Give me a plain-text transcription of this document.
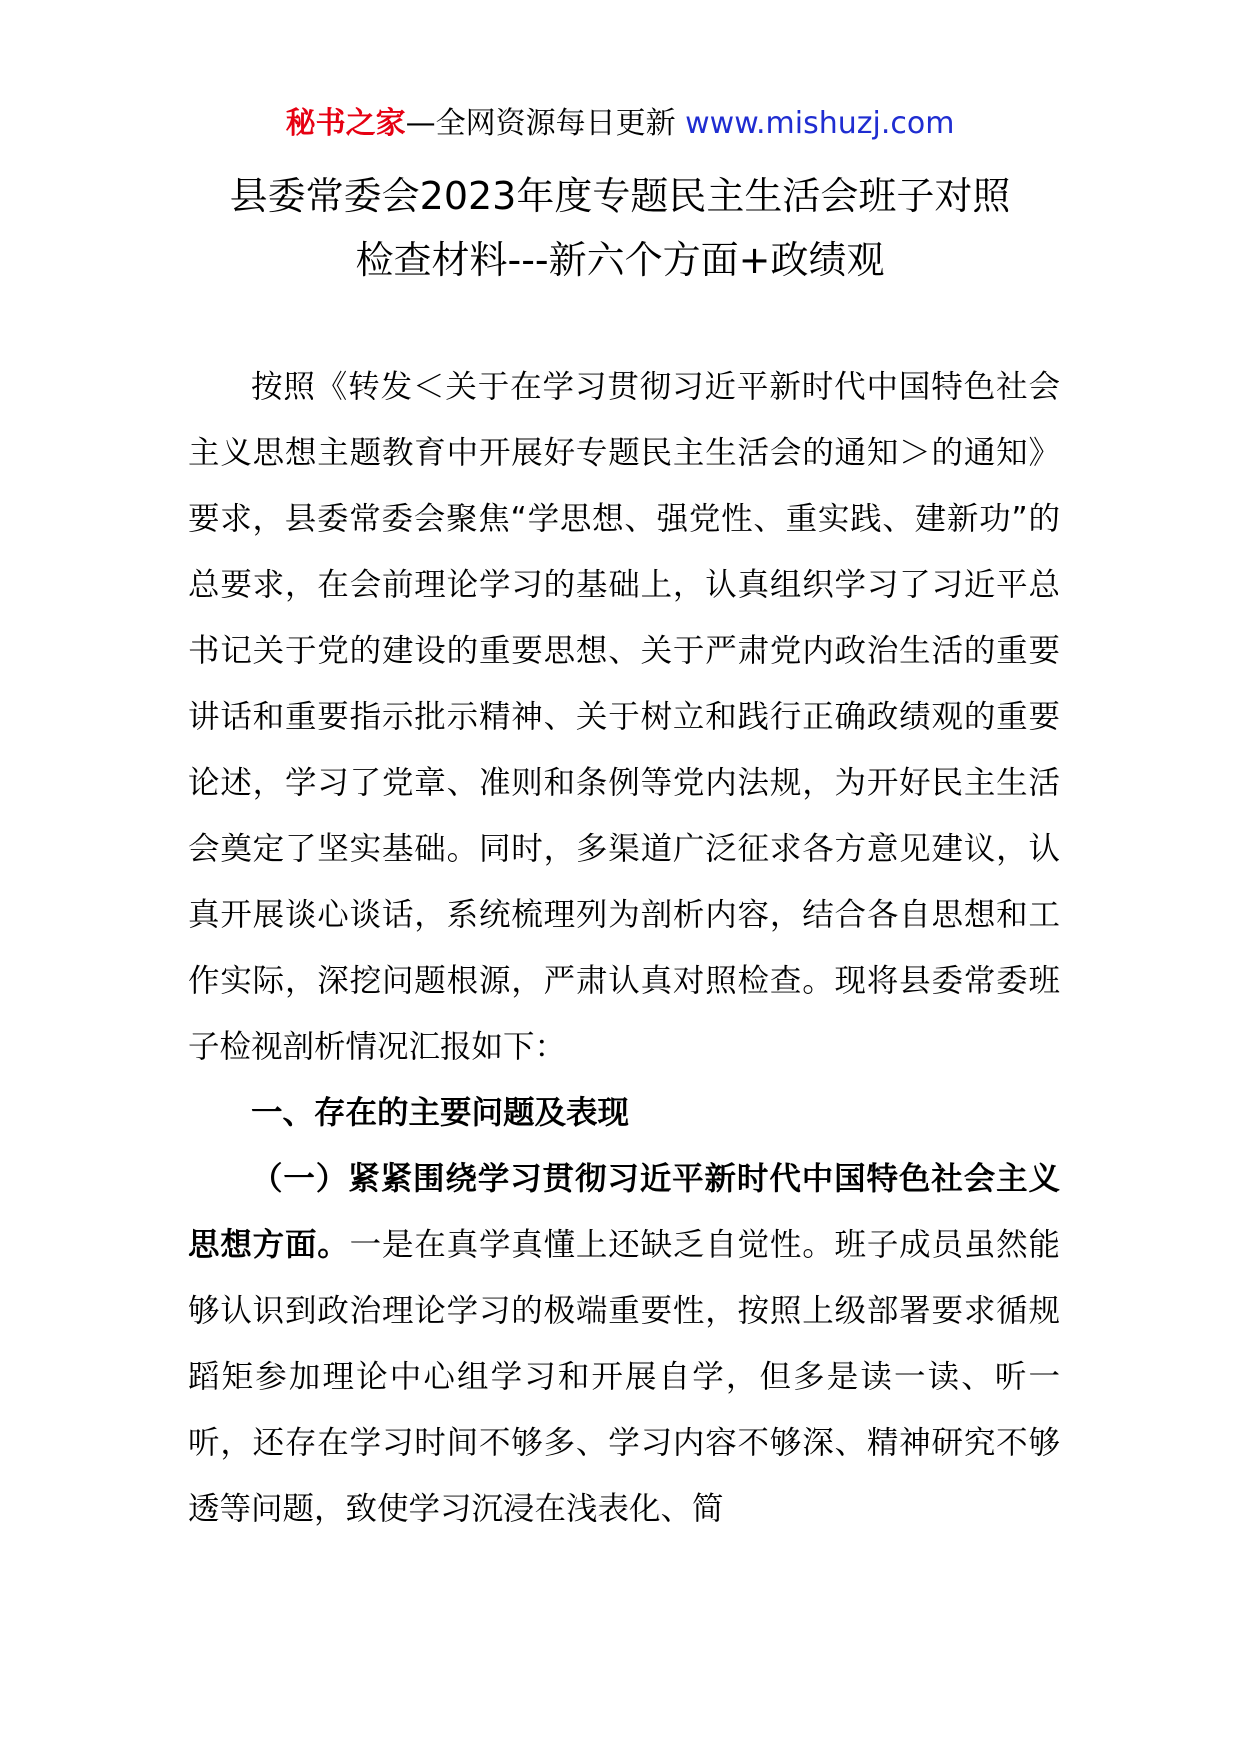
秘书之家—全网资源每日更新 www.mishuzj.com
县委常委会2023年度专题民主生活会班子对照
检查材料---新六个方面+政绩观

按照《转发＜关于在学习贯彻习近平新时代中国特色社会主义思想主题教育中开展好专题民主生活会的通知＞的通知》要求，县委常委会聚焦“学思想、强党性、重实践、建新功”的总要求，在会前理论学习的基础上，认真组织学习了习近平总书记关于党的建设的重要思想、关于严肃党内政治生活的重要讲话和重要指示批示精神、关于树立和践行正确政绩观的重要论述，学习了党章、准则和条例等党内法规，为开好民主生活会奠定了坚实基础。同时，多渠道广泛征求各方意见建议，认真开展谈心谈话，系统梳理列为剖析内容，结合各自思想和工作实际，深挖问题根源，严肃认真对照检查。现将县委常委班子检视剖析情况汇报如下：

一、存在的主要问题及表现

（一）紧紧围绕学习贯彻习近平新时代中国特色社会主义思想方面。一是在真学真懂上还缺乏自觉性。班子成员虽然能够认识到政治理论学习的极端重要性，按照上级部署要求循规蹈矩参加理论中心组学习和开展自学，但多是读一读、听一听，还存在学习时间不够多、学习内容不够深、精神研究不够透等问题，致使学习沉浸在浅表化、简
